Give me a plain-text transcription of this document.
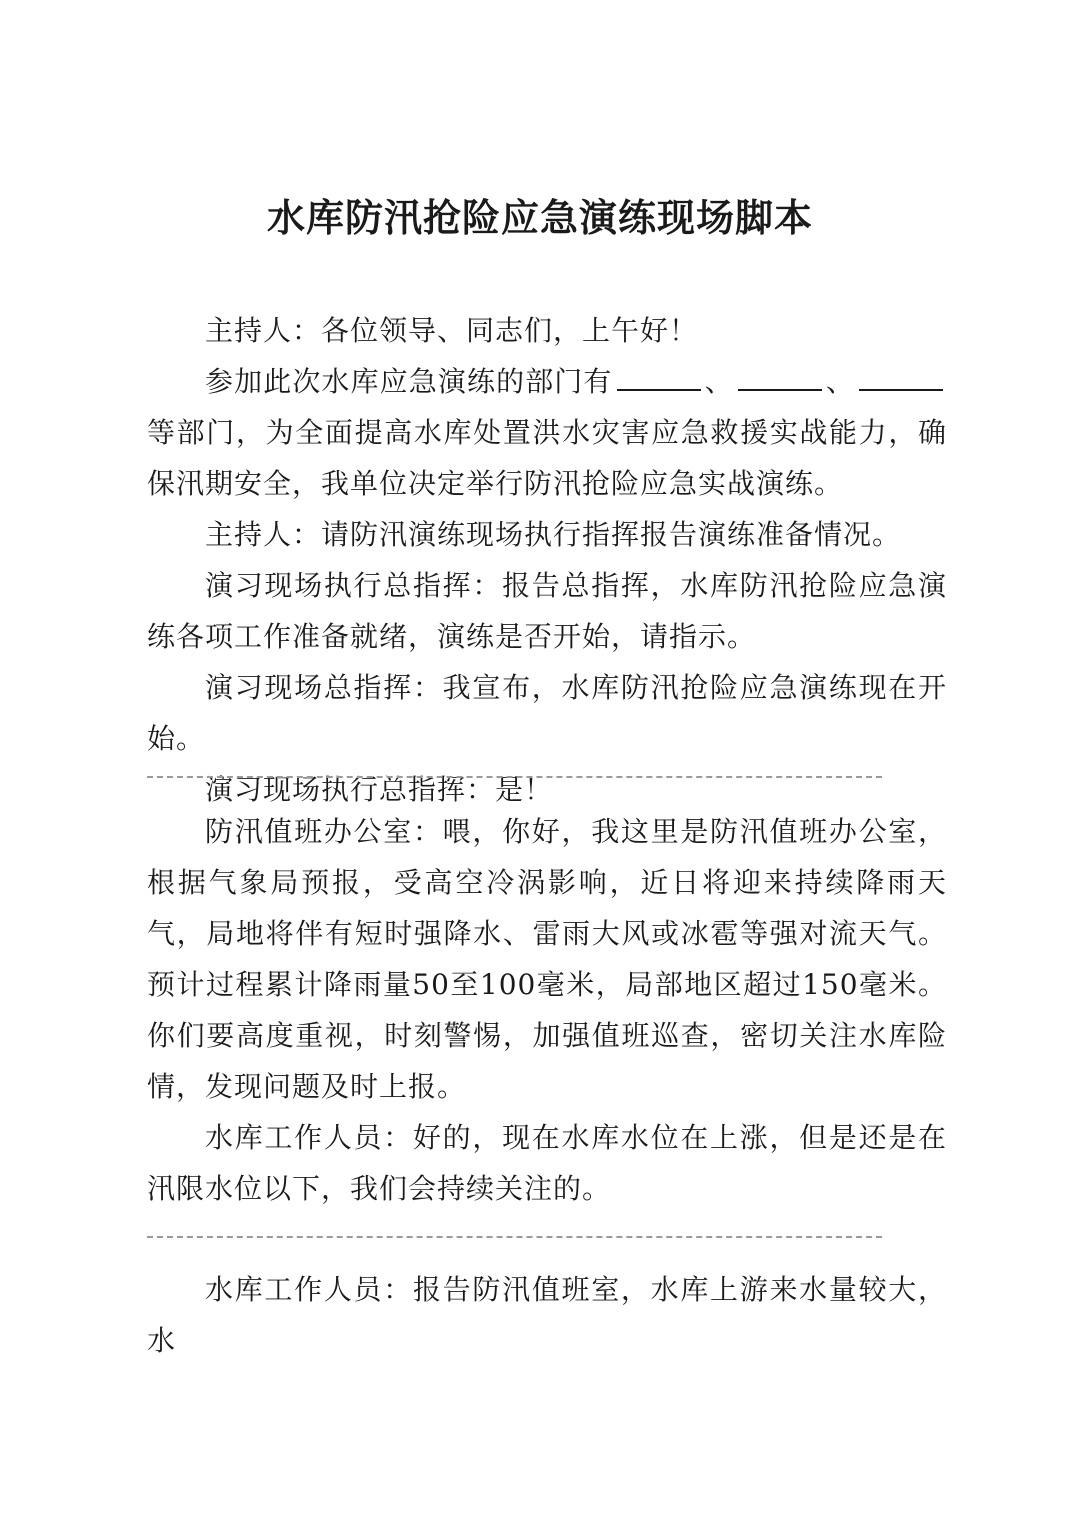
水库防汛抢险应急演练现场脚本

主持人：各位领导、同志们，上午好！

参加此次水库应急演练的部门有	、	、等部门，为全面提高水库处置洪水灾害应急救援实战能力，确保汛期安全，我单位决定举行防汛抢险应急实战演练。

主持人：请防汛演练现场执行指挥报告演练准备情况。

演习现场执行总指挥：报告总指挥，水库防汛抢险应急演练各项工作准备就绪，演练是否开始，请指示。

演习现场总指挥：我宣布，水库防汛抢险应急演练现在开始。

演习现场执行总指挥：是！

防汛值班办公室：喂，你好，我这里是防汛值班办公室，根据气象局预报，受高空冷涡影响，近日将迎来持续降雨天气，局地将伴有短时强降水、雷雨大风或冰雹等强对流天气。预计过程累计降雨量50至100毫米，局部地区超过150毫米。你们要高度重视，时刻警惕，加强值班巡查，密切关注水库险情，发现问题及时上报。

水库工作人员：好的，现在水库水位在上涨，但是还是在汛限水位以下，我们会持续关注的。

水库工作人员：报告防汛值班室，水库上游来水量较大，水
